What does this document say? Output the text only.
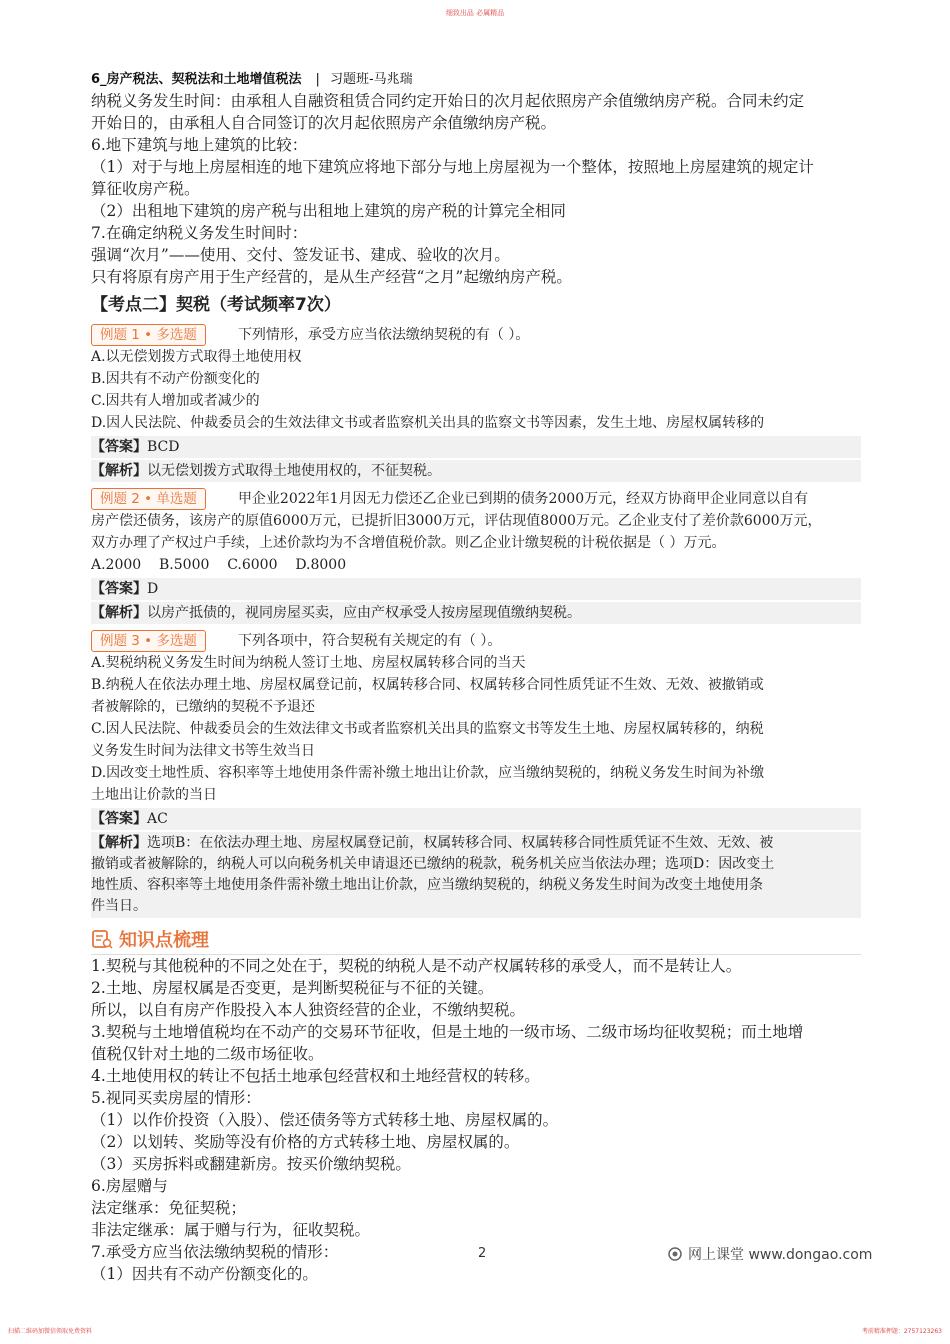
细致出品 必属精品
6_房产税法、契税法和土地增值税法 | 习题班-马兆瑞

纳税义务发生时间：由承租人自融资租赁合同约定开始日的次月起依照房产余值缴纳房产税。合同未约定

开始日的，由承租人自合同签订的次月起依照房产余值缴纳房产税。

6.地下建筑与地上建筑的比较：

（1）对于与地上房屋相连的地下建筑应将地下部分与地上房屋视为一个整体，按照地上房屋建筑的规定计

算征收房产税。

（2）出租地下建筑的房产税与出租地上建筑的房产税的计算完全相同

7.在确定纳税义务发生时间时：

强调“次月”——使用、交付、签发证书、建成、验收的次月。

只有将原有房产用于生产经营的，是从生产经营“之月”起缴纳房产税。

【考点二】契税（考试频率7次）
例题 1 • 多选题	下列情形，承受方应当依法缴纳契税的有（ ）。

A.以无偿划拨方式取得土地使用权

B.因共有不动产份额变化的

C.因共有人增加或者减少的

D.因人民法院、仲裁委员会的生效法律文书或者监察机关出具的监察文书等因素，发生土地、房屋权属转移的

【答案】BCD
【解析】以无偿划拨方式取得土地使用权的，不征契税。
例题 2 • 单选题	甲企业2022年1月因无力偿还乙企业已到期的债务2000万元，经双方协商甲企业同意以自有

房产偿还债务，该房产的原值6000万元，已提折旧3000万元，评估现值8000万元。乙企业支付了差价款6000万元，

双方办理了产权过户手续，上述价款均为不含增值税价款。则乙企业计缴契税的计税依据是（ ）万元。

A.2000 B.5000 C.6000 D.8000

【答案】D
【解析】以房产抵债的，视同房屋买卖，应由产权承受人按房屋现值缴纳契税。
例题 3 • 多选题	下列各项中，符合契税有关规定的有（ ）。

A.契税纳税义务发生时间为纳税人签订土地、房屋权属转移合同的当天

B.纳税人在依法办理土地、房屋权属登记前，权属转移合同、权属转移合同性质凭证不生效、无效、被撤销或

者被解除的，已缴纳的契税不予退还

C.因人民法院、仲裁委员会的生效法律文书或者监察机关出具的监察文书等发生土地、房屋权属转移的，纳税

义务发生时间为法律文书等生效当日

D.因改变土地性质、容积率等土地使用条件需补缴土地出让价款，应当缴纳契税的，纳税义务发生时间为补缴

土地出让价款的当日

【答案】AC
【解析】选项B：在依法办理土地、房屋权属登记前，权属转移合同、权属转移合同性质凭证不生效、无效、被
撤销或者被解除的，纳税人可以向税务机关申请退还已缴纳的税款，税务机关应当依法办理；选项D：因改变土
地性质、容积率等土地使用条件需补缴土地出让价款，应当缴纳契税的，纳税义务发生时间为改变土地使用条
件当日。
知识点梳理

1.契税与其他税种的不同之处在于，契税的纳税人是不动产权属转移的承受人，而不是转让人。

2.土地、房屋权属是否变更，是判断契税征与不征的关键。

所以，以自有房产作股投入本人独资经营的企业，不缴纳契税。

3.契税与土地增值税均在不动产的交易环节征收，但是土地的一级市场、二级市场均征收契税；而土地增

值税仅针对土地的二级市场征收。

4.土地使用权的转让不包括土地承包经营权和土地经营权的转移。

5.视同买卖房屋的情形：

（1）以作价投资（入股）、偿还债务等方式转移土地、房屋权属的。

（2）以划转、奖励等没有价格的方式转移土地、房屋权属的。

（3）买房拆料或翻建新房。按买价缴纳契税。

6.房屋赠与

法定继承：免征契税；

非法定继承：属于赠与行为，征收契税。

7.承受方应当依法缴纳契税的情形：

（1）因共有不动产份额变化的。

2	网上课堂 www.dongao.com
扫描二维码加微信领取免费资料	考前精准押题：2757123263
